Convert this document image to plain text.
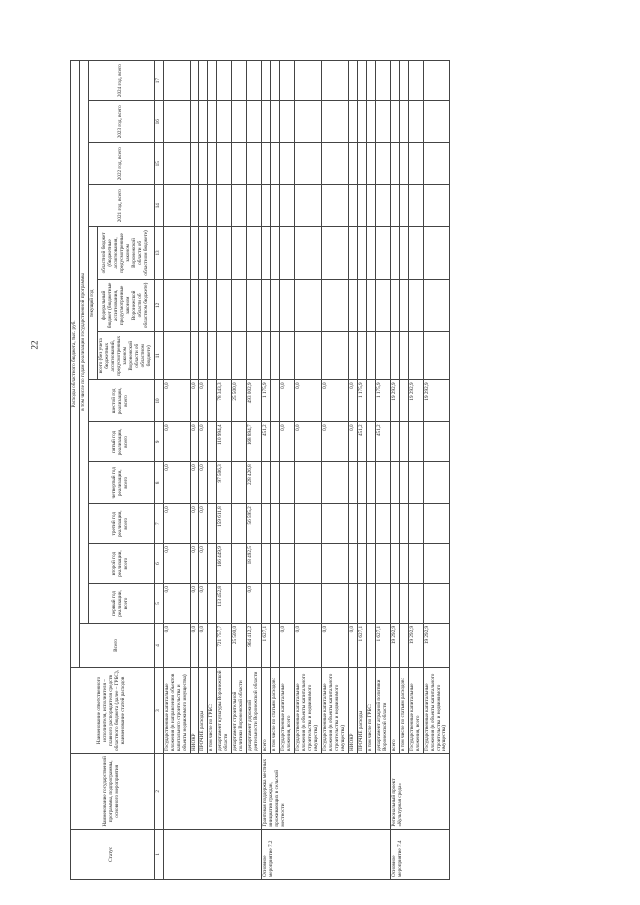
22
Статус	Наименование государственной программы, подпрограммы, основного мероприятия	Наименование ответственного исполнителя, исполнителя – главного распорядителя средств областного бюджета (далее – ГРБС), наименование статей расходов	Расходы областного бюджета, тыс. руб.													
			Всего	в том числе по годам реализации государственной программы												
				первый год реализации, всего	второй год реализации, всего	третий год реализации, всего	четвертый год реализации, всего	пятый год реализации, всего	шестой год реализации, всего	текущий год			2021 год, всего	2022 год, всего	2023 год, всего	2024 год, всего
										всего (без учета бюджетных ассигнований, предусмотренных законом Воронежской области об областном бюджете)	федеральный бюджет (бюджетные ассигнования, предусмотренные законом Воронежской области об областном бюджете)	областной бюджет (бюджетные ассигнования, предусмотренные законом Воронежской области об областном бюджете)				
1	2	3	4	5	6	7	8	9	10	11	12	13	14	15	16	17
		Государственные капитальные вложения (в направлении объектов капитального строительства и объекты недвижимого имущества)	0,0	0,0	0,0	0,0	0,0	0,0	0,0							
		НИОКР	0,0	0,0	0,0	0,0	0,0	0,0	0,0							
		ПРОЧИЕ расходы	0,0	0,0	0,0	0,0	0,0	0,0	0,0							
		в том числе по ГРБС:														
		департамент культуры Воронежской области	721 757,7	113 452,8	166 449,9	159 611,8	97 506,3	110 994,4	78 343,3							
		департамент строительной политики Воронежской области	25 500,0						25 500,0							
		департамент дорожной деятельности Воронежской области	964 412,2	0,0	18 492,5	56 595,2	228 426,8	168 894,7	493 002,9							
Основное мероприятие 7.2	Грантовая поддержка местных инициатив граждан, проживающих в сельской местности	всего	1 627,1					451,2	1 175,9							
		в том числе по статьям расходов:														
		Государственные капитальные вложения, всего	0,0					0,0	0,0							
		Государственные капитальные вложения (в объекты капитального строительства и недвижимого имущества)	0,0					0,0	0,0							
		Государственные капитальные вложения (в объекты капитального строительства и недвижимого имущества)	0,0					0,0	0,0							
		НИОКР	0,0					0,0	0,0							
		ПРОЧИЕ расходы	1 627,1					451,2	1 175,9							
		в том числе по ГРБС:														
		департамент аграрной политики Воронежской области	1 627,1					451,2	1 175,9							
Основное мероприятие 7.4	Региональный проект «Культурная среда»	всего	19 292,9						19 292,9							
		в том числе по статьям расходов:														
		Государственные капитальные вложения, всего	19 292,9						19 292,9							
		Государственные капитальные вложения (в объекты капитального строительства и недвижимого имущества)	19 292,9						19 292,9							
